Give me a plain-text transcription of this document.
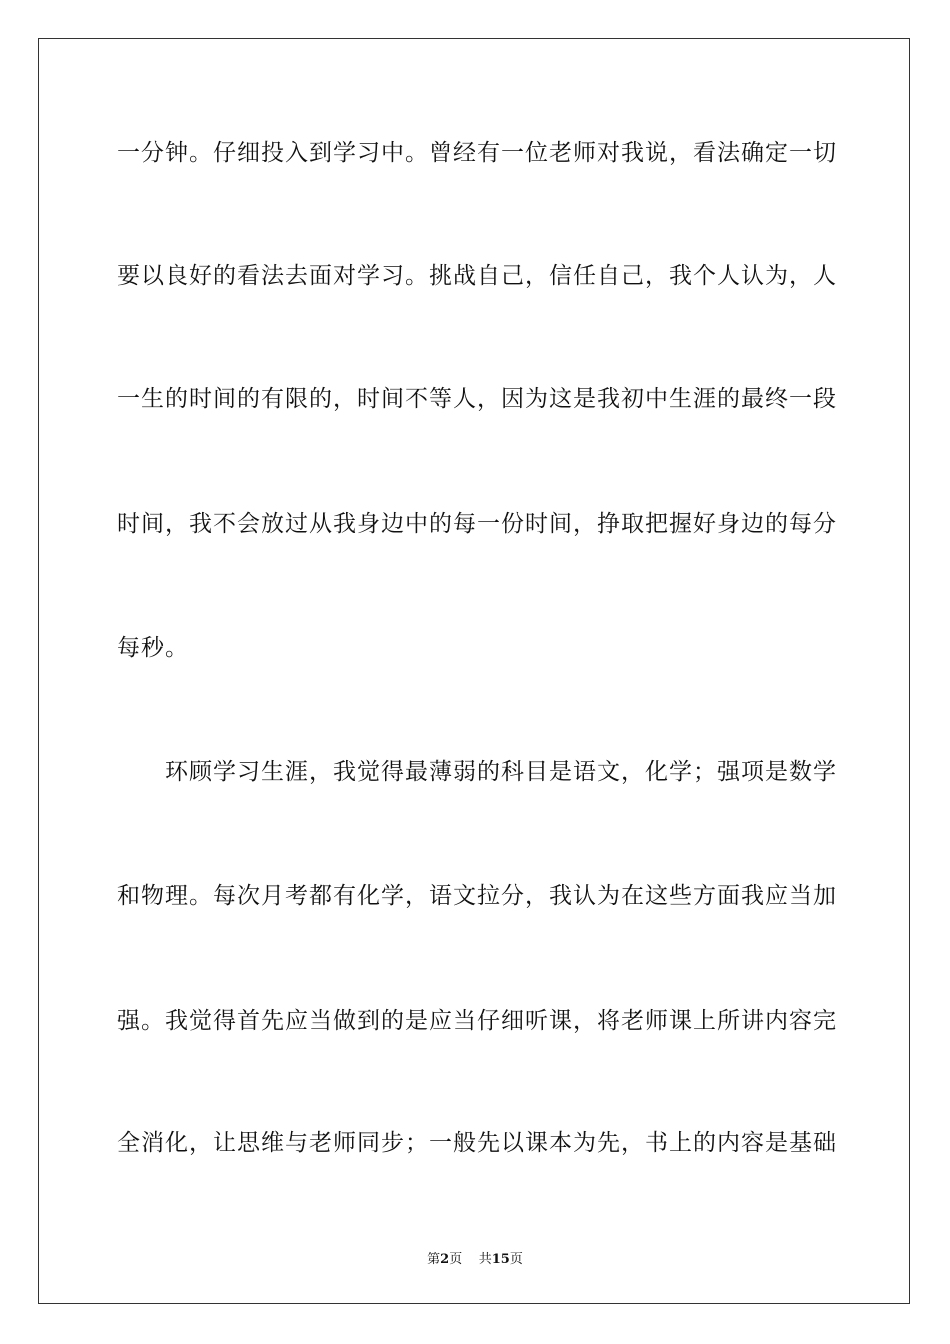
一分钟。仔细投入到学习中。曾经有一位老师对我说，看法确定一切
要以良好的看法去面对学习。挑战自己，信任自己，我个人认为，人
一生的时间的有限的，时间不等人，因为这是我初中生涯的最终一段
时间，我不会放过从我身边中的每一份时间，挣取把握好身边的每分
每秒。
　　环顾学习生涯，我觉得最薄弱的科目是语文，化学；强项是数学
和物理。每次月考都有化学，语文拉分，我认为在这些方面我应当加
强。我觉得首先应当做到的是应当仔细听课，将老师课上所讲内容完
全消化，让思维与老师同步；一般先以课本为先，书上的内容是基础
第2页 共15页
